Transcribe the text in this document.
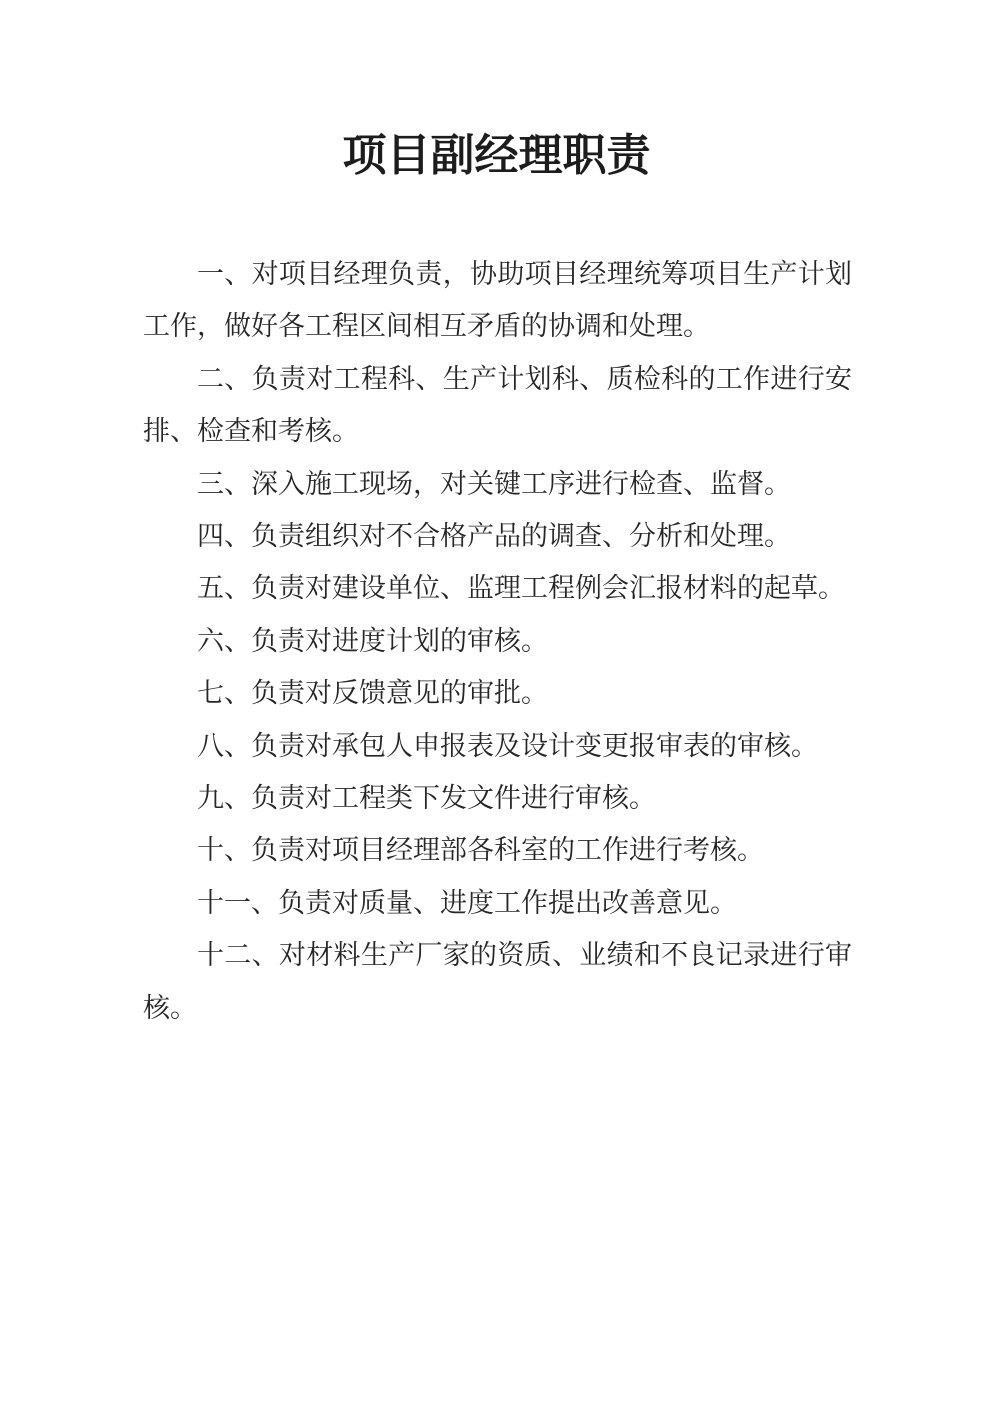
项目副经理职责

一、对项目经理负责，协助项目经理统筹项目生产计划工作，做好各工程区间相互矛盾的协调和处理。

二、负责对工程科、生产计划科、质检科的工作进行安排、检查和考核。

三、深入施工现场，对关键工序进行检查、监督。

四、负责组织对不合格产品的调查、分析和处理。

五、负责对建设单位、监理工程例会汇报材料的起草。

六、负责对进度计划的审核。

七、负责对反馈意见的审批。

八、负责对承包人申报表及设计变更报审表的审核。

九、负责对工程类下发文件进行审核。

十、负责对项目经理部各科室的工作进行考核。

十一、负责对质量、进度工作提出改善意见。

十二、对材料生产厂家的资质、业绩和不良记录进行审核。
